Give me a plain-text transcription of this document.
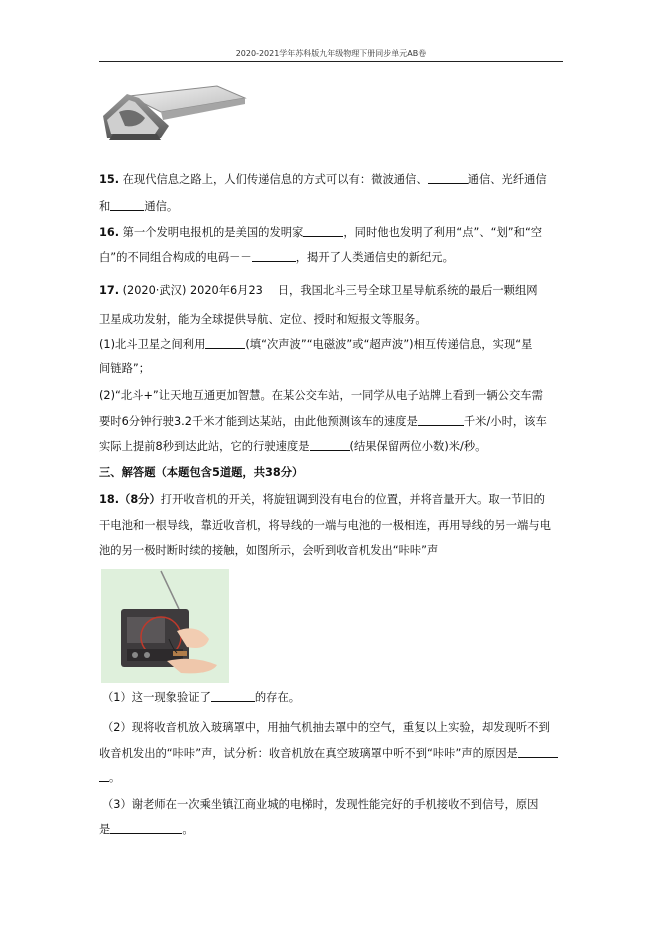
2020-2021学年苏科版九年级物理下册同步单元AB卷
15. 在现代信息之路上，人们传递信息的方式可以有：微波通信、	通信、光纤通信
和	通信。
16. 第一个发明电报机的是美国的发明家	，同时他也发明了利用“点”、“划”和“空
白”的不同组合构成的电码－－	，揭开了人类通信史的新纪元。
17. (2020·武汉) 2020年6月23　 日，我国北斗三号全球卫星导航系统的最后一颗组网
卫星成功发射，能为全球提供导航、定位、授时和短报文等服务。
(1)北斗卫星之间利用	(填“次声波”“电磁波”或“超声波”)相互传递信息，实现“星
间链路”；
(2)“北斗+”让天地互通更加智慧。在某公交车站，一同学从电子站牌上看到一辆公交车需
要时6分钟行驶3.2千米才能到达某站，由此他预测该车的速度是	千米/小时，该车
实际上提前8秒到达此站，它的行驶速度是	(结果保留两位小数)米/秒。
三、解答题（本题包含5道题，共38分）
18.（8分）打开收音机的开关，将旋钮调到没有电台的位置，并将音量开大。取一节旧的
干电池和一根导线，靠近收音机，将导线的一端与电池的一极相连，再用导线的另一端与电
池的另一极时断时续的接触，如图所示，会听到收音机发出“咔咔”声
（1）这一现象验证了	的存在。
（2）现将收音机放入玻璃罩中，用抽气机抽去罩中的空气，重复以上实验，却发现听不到
收音机发出的“咔咔”声，试分析：收音机放在真空玻璃罩中听不到“咔咔”声的原因是
。
（3）谢老师在一次乘坐镇江商业城的电梯时，发现性能完好的手机接收不到信号，原因
是	。
